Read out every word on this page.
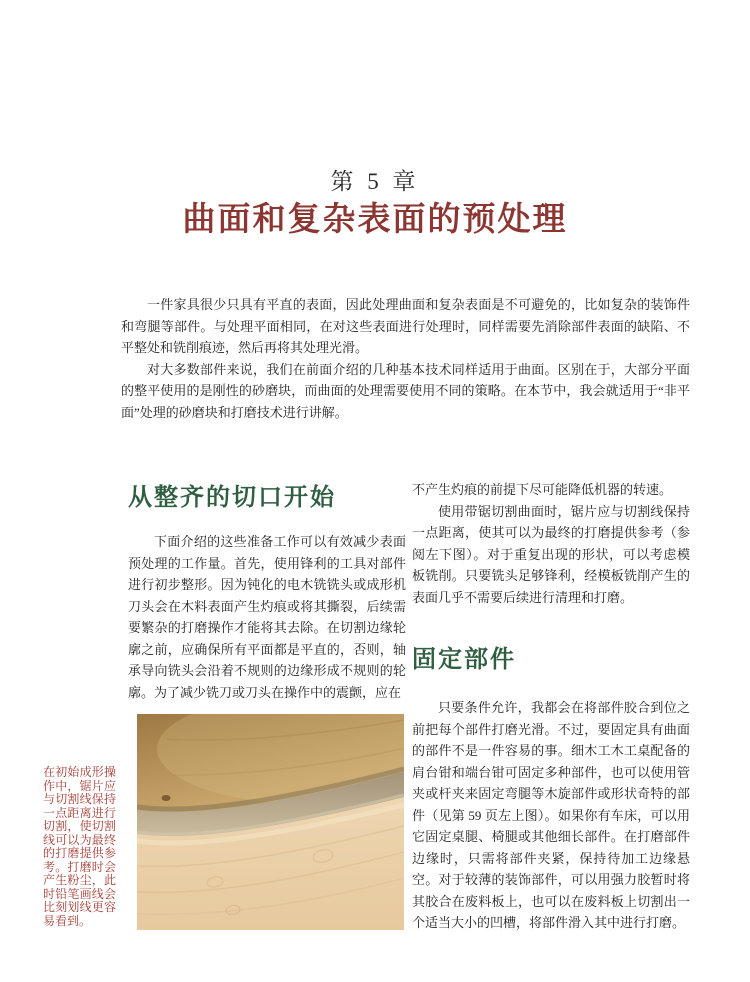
第 5 章
曲面和复杂表面的预处理

一件家具很少只具有平直的表面，因此处理曲面和复杂表面是不可避免的，比如复杂的装饰件和弯腿等部件。与处理平面相同，在对这些表面进行处理时，同样需要先消除部件表面的缺陷、不平整处和铣削痕迹，然后再将其处理光滑。

对大多数部件来说，我们在前面介绍的几种基本技术同样适用于曲面。区别在于，大部分平面的整平使用的是刚性的砂磨块，而曲面的处理需要使用不同的策略。在本节中，我会就适用于“非平面”处理的砂磨块和打磨技术进行讲解。

从整齐的切口开始

下面介绍的这些准备工作可以有效减少表面预处理的工作量。首先，使用锋利的工具对部件进行初步整形。因为钝化的电木铣铣头或成形机刀头会在木料表面产生灼痕或将其撕裂，后续需要繁杂的打磨操作才能将其去除。在切割边缘轮廓之前，应确保所有平面都是平直的，否则，轴承导向铣头会沿着不规则的边缘形成不规则的轮廓。为了减少铣刀或刀头在操作中的震颤，应在

在初始成形操作中，锯片应与切割线保持一点距离进行切割，使切割线可以为最终的打磨提供参考。打磨时会产生粉尘，此时铅笔画线会比刻划线更容易看到。

不产生灼痕的前提下尽可能降低机器的转速。

使用带锯切割曲面时，锯片应与切割线保持一点距离，使其可以为最终的打磨提供参考（参阅左下图）。对于重复出现的形状，可以考虑模板铣削。只要铣头足够锋利，经模板铣削产生的表面几乎不需要后续进行清理和打磨。

固定部件

只要条件允许，我都会在将部件胶合到位之前把每个部件打磨光滑。不过，要固定具有曲面的部件不是一件容易的事。细木工木工桌配备的肩台钳和端台钳可固定多种部件，也可以使用管夹或杆夹来固定弯腿等木旋部件或形状奇特的部件（见第 59 页左上图）。如果你有车床，可以用它固定桌腿、椅腿或其他细长部件。在打磨部件边缘时，只需将部件夹紧，保持待加工边缘悬空。对于较薄的装饰部件，可以用强力胶暂时将其胶合在废料板上，也可以在废料板上切割出一个适当大小的凹槽，将部件滑入其中进行打磨。
